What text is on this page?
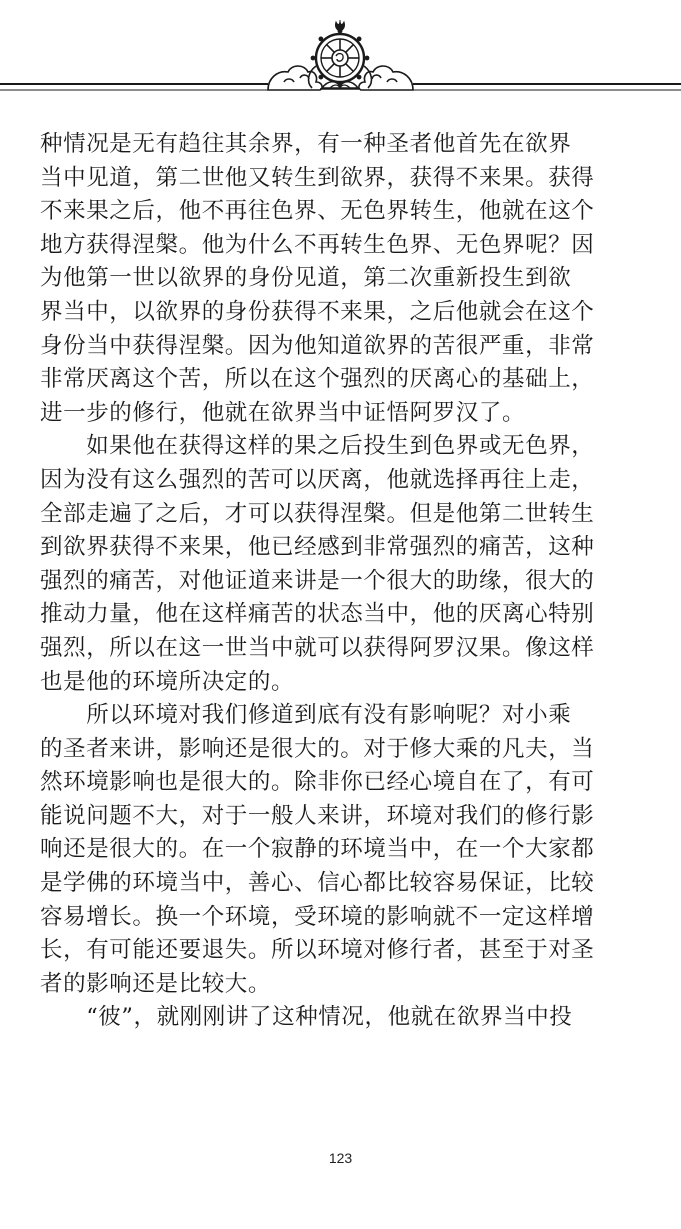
种情况是无有趋往其余界，有一种圣者他首先在欲界
当中见道，第二世他又转生到欲界，获得不来果。获得
不来果之后，他不再往色界、无色界转生，他就在这个
地方获得涅槃。他为什么不再转生色界、无色界呢？因
为他第一世以欲界的身份见道，第二次重新投生到欲
界当中，以欲界的身份获得不来果，之后他就会在这个
身份当中获得涅槃。因为他知道欲界的苦很严重，非常
非常厌离这个苦，所以在这个强烈的厌离心的基础上，
进一步的修行，他就在欲界当中证悟阿罗汉了。
　　如果他在获得这样的果之后投生到色界或无色界，
因为没有这么强烈的苦可以厌离，他就选择再往上走，
全部走遍了之后，才可以获得涅槃。但是他第二世转生
到欲界获得不来果，他已经感到非常强烈的痛苦，这种
强烈的痛苦，对他证道来讲是一个很大的助缘，很大的
推动力量，他在这样痛苦的状态当中，他的厌离心特别
强烈，所以在这一世当中就可以获得阿罗汉果。像这样
也是他的环境所决定的。
　　所以环境对我们修道到底有没有影响呢？对小乘
的圣者来讲，影响还是很大的。对于修大乘的凡夫，当
然环境影响也是很大的。除非你已经心境自在了，有可
能说问题不大，对于一般人来讲，环境对我们的修行影
响还是很大的。在一个寂静的环境当中，在一个大家都
是学佛的环境当中，善心、信心都比较容易保证，比较
容易增长。换一个环境，受环境的影响就不一定这样增
长，有可能还要退失。所以环境对修行者，甚至于对圣
者的影响还是比较大。
　　“彼”，就刚刚讲了这种情况，他就在欲界当中投
123
